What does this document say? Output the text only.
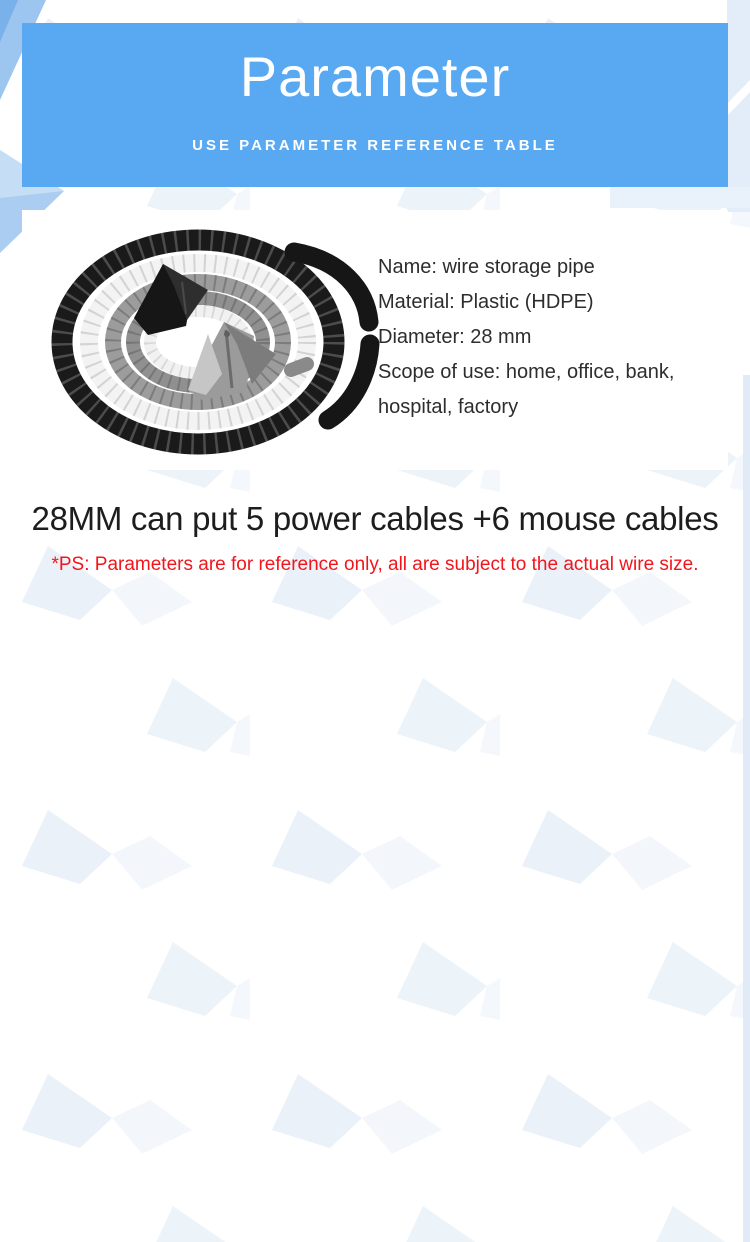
Parameter
USE PARAMETER REFERENCE TABLE
Name: wire storage pipe
Material: Plastic (HDPE)
Diameter: 28 mm
Scope of use: home, office, bank,
hospital, factory
28MM can put 5 power cables +6 mouse cables
*PS: Parameters are for reference only, all are subject to the actual wire size.
